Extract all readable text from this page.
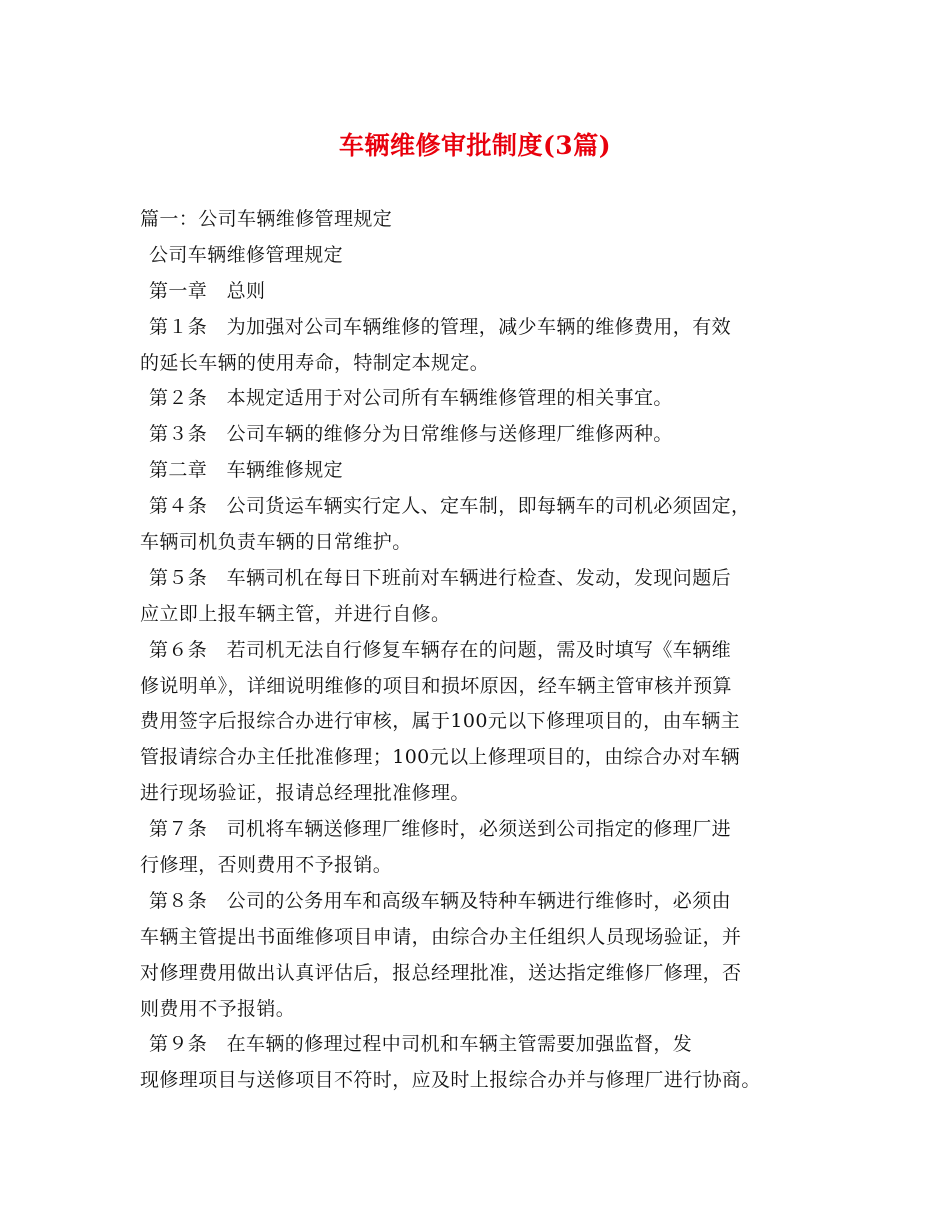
车辆维修审批制度(3篇)
篇一：公司车辆维修管理规定
公司车辆维修管理规定
第一章　总则
第１条　为加强对公司车辆维修的管理，减少车辆的维修费用，有效
的延长车辆的使用寿命，特制定本规定。
第２条　本规定适用于对公司所有车辆维修管理的相关事宜。
第３条　公司车辆的维修分为日常维修与送修理厂维修两种。
第二章　车辆维修规定
第４条　公司货运车辆实行定人、定车制，即每辆车的司机必须固定，
车辆司机负责车辆的日常维护。
第５条　车辆司机在每日下班前对车辆进行检查、发动，发现问题后
应立即上报车辆主管，并进行自修。
第６条　若司机无法自行修复车辆存在的问题，需及时填写《车辆维
修说明单》，详细说明维修的项目和损坏原因，经车辆主管审核并预算
费用签字后报综合办进行审核，属于100元以下修理项目的，由车辆主
管报请综合办主任批准修理；100元以上修理项目的，由综合办对车辆
进行现场验证，报请总经理批准修理。
第７条　司机将车辆送修理厂维修时，必须送到公司指定的修理厂进
行修理，否则费用不予报销。
第８条　公司的公务用车和高级车辆及特种车辆进行维修时，必须由
车辆主管提出书面维修项目申请，由综合办主任组织人员现场验证，并
对修理费用做出认真评估后，报总经理批准，送达指定维修厂修理，否
则费用不予报销。
第９条　在车辆的修理过程中司机和车辆主管需要加强监督，发
现修理项目与送修项目不符时，应及时上报综合办并与修理厂进行协商。
